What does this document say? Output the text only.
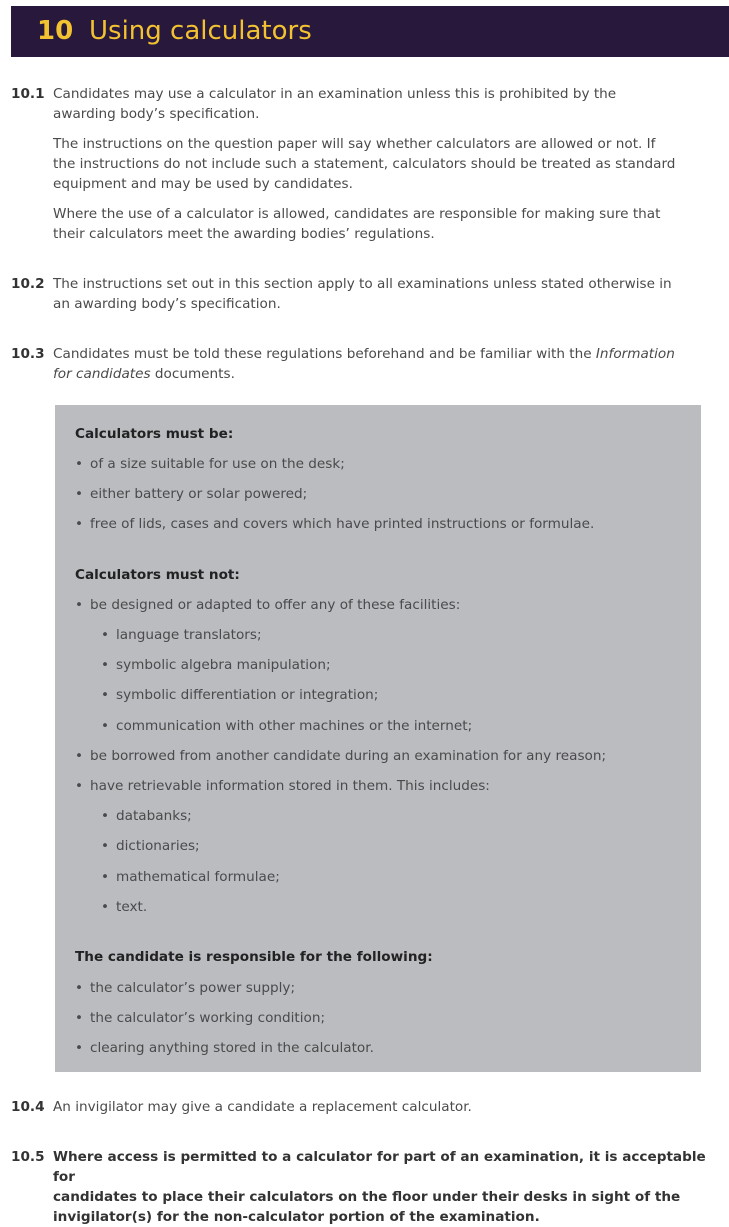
10 Using calculators
10.1 Candidates may use a calculator in an examination unless this is prohibited by the
awarding body’s specification.
The instructions on the question paper will say whether calculators are allowed or not. If
the instructions do not include such a statement, calculators should be treated as standard
equipment and may be used by candidates.
Where the use of a calculator is allowed, candidates are responsible for making sure that
their calculators meet the awarding bodies’ regulations.
10.2 The instructions set out in this section apply to all examinations unless stated otherwise in
an awarding body’s specification.
10.3 Candidates must be told these regulations beforehand and be familiar with the Information
for candidates documents.
Calculators must be:
• of a size suitable for use on the desk;
• either battery or solar powered;
• free of lids, cases and covers which have printed instructions or formulae.
Calculators must not:
• be designed or adapted to offer any of these facilities:
• language translators;
• symbolic algebra manipulation;
• symbolic differentiation or integration;
• communication with other machines or the internet;
• be borrowed from another candidate during an examination for any reason;
• have retrievable information stored in them. This includes:
• databanks;
• dictionaries;
• mathematical formulae;
• text.
The candidate is responsible for the following:
• the calculator’s power supply;
• the calculator’s working condition;
• clearing anything stored in the calculator.
10.4 An invigilator may give a candidate a replacement calculator.
10.5 Where access is permitted to a calculator for part of an examination, it is acceptable for
candidates to place their calculators on the floor under their desks in sight of the
invigilator(s) for the non-calculator portion of the examination.
